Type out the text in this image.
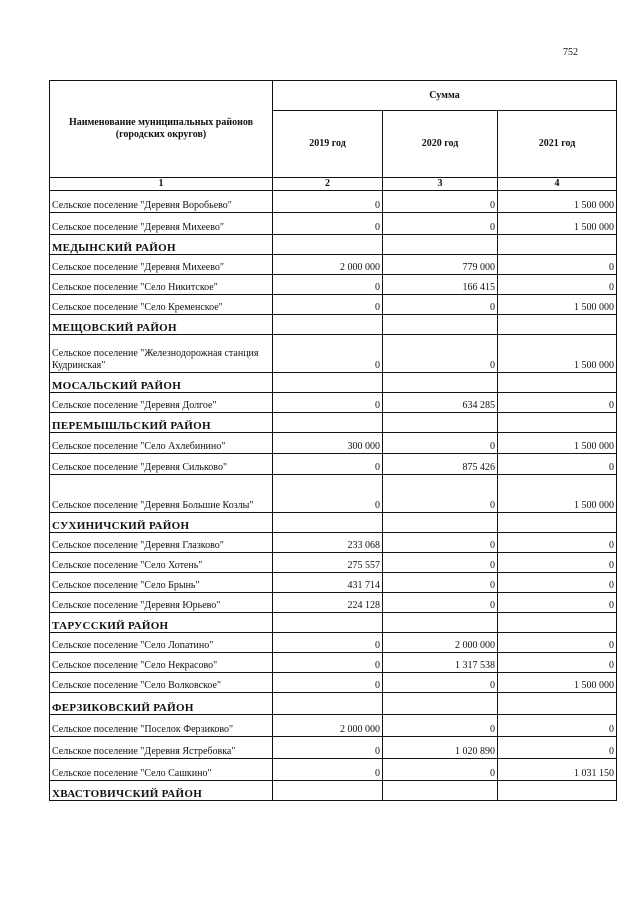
752
Наименование муниципальных районов (городских округов)	Сумма		
	2019 год	2020 год	2021 год
1	2	3	4
Сельское поселение "Деревня Воробьево"	0	0	1 500 000
Сельское поселение "Деревня Михеево"	0	0	1 500 000
МЕДЫНСКИЙ РАЙОН			
Сельское поселение "Деревня Михеево"	2 000 000	779 000	0
Сельское поселение "Село Никитское"	0	166 415	0
Сельское поселение "Село Кременское"	0	0	1 500 000
МЕЩОВСКИЙ РАЙОН			
Сельское поселение "Железнодорожная станция Кудринская"	0	0	1 500 000
МОСАЛЬСКИЙ РАЙОН			
Сельское поселение "Деревня Долгое"	0	634 285	0
ПЕРЕМЫШЛЬСКИЙ РАЙОН			
Сельское поселение "Село Ахлебинино"	300 000	0	1 500 000
Сельское поселение "Деревня Сильково"	0	875 426	0
Сельское поселение "Деревня Большие Козлы"	0	0	1 500 000
СУХИНИЧСКИЙ РАЙОН			
Сельское поселение "Деревня Глазково"	233 068	0	0
Сельское поселение "Село Хотень"	275 557	0	0
Сельское поселение "Село Брынь"	431 714	0	0
Сельское поселение "Деревня Юрьево"	224 128	0	0
ТАРУССКИЙ РАЙОН			
Сельское поселение "Село Лопатино"	0	2 000 000	0
Сельское поселение "Село Некрасово"	0	1 317 538	0
Сельское поселение "Село Волковское"	0	0	1 500 000
ФЕРЗИКОВСКИЙ РАЙОН			
Сельское поселение "Поселок Ферзиково"	2 000 000	0	0
Сельское поселение "Деревня Ястребовка"	0	1 020 890	0
Сельское поселение "Село Сашкино"	0	0	1 031 150
ХВАСТОВИЧСКИЙ РАЙОН			
